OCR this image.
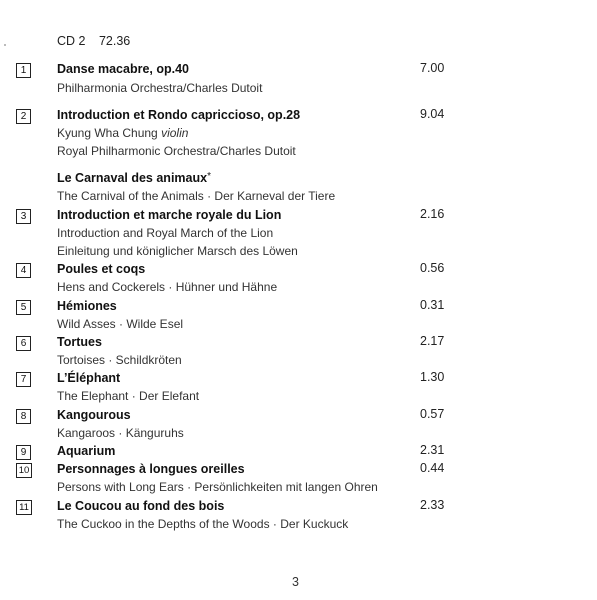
CD 2 72.36
1	Danse macabre, op.40	7.00
Philharmonia Orchestra/Charles Dutoit
2	Introduction et Rondo capriccioso, op.28	9.04
Kyung Wha Chung violin
Royal Philharmonic Orchestra/Charles Dutoit
Le Carnaval des animaux*
The Carnival of the Animals · Der Karneval der Tiere
3	Introduction et marche royale du Lion	2.16
Introduction and Royal March of the Lion
Einleitung und königlicher Marsch des Löwen
4	Poules et coqs	0.56
Hens and Cockerels · Hühner und Hähne
5	Hémiones	0.31
Wild Asses · Wilde Esel
6	Tortues	2.17
Tortoises · Schildkröten
7	L’Éléphant	1.30
The Elephant · Der Elefant
8	Kangourous	0.57
Kangaroos · Känguruhs
9	Aquarium	2.31
10 Personnages à longues oreilles	0.44
Persons with Long Ears · Persönlichkeiten mit langen Ohren
11 Le Coucou au fond des bois	2.33
The Cuckoo in the Depths of the Woods · Der Kuckuck
3
